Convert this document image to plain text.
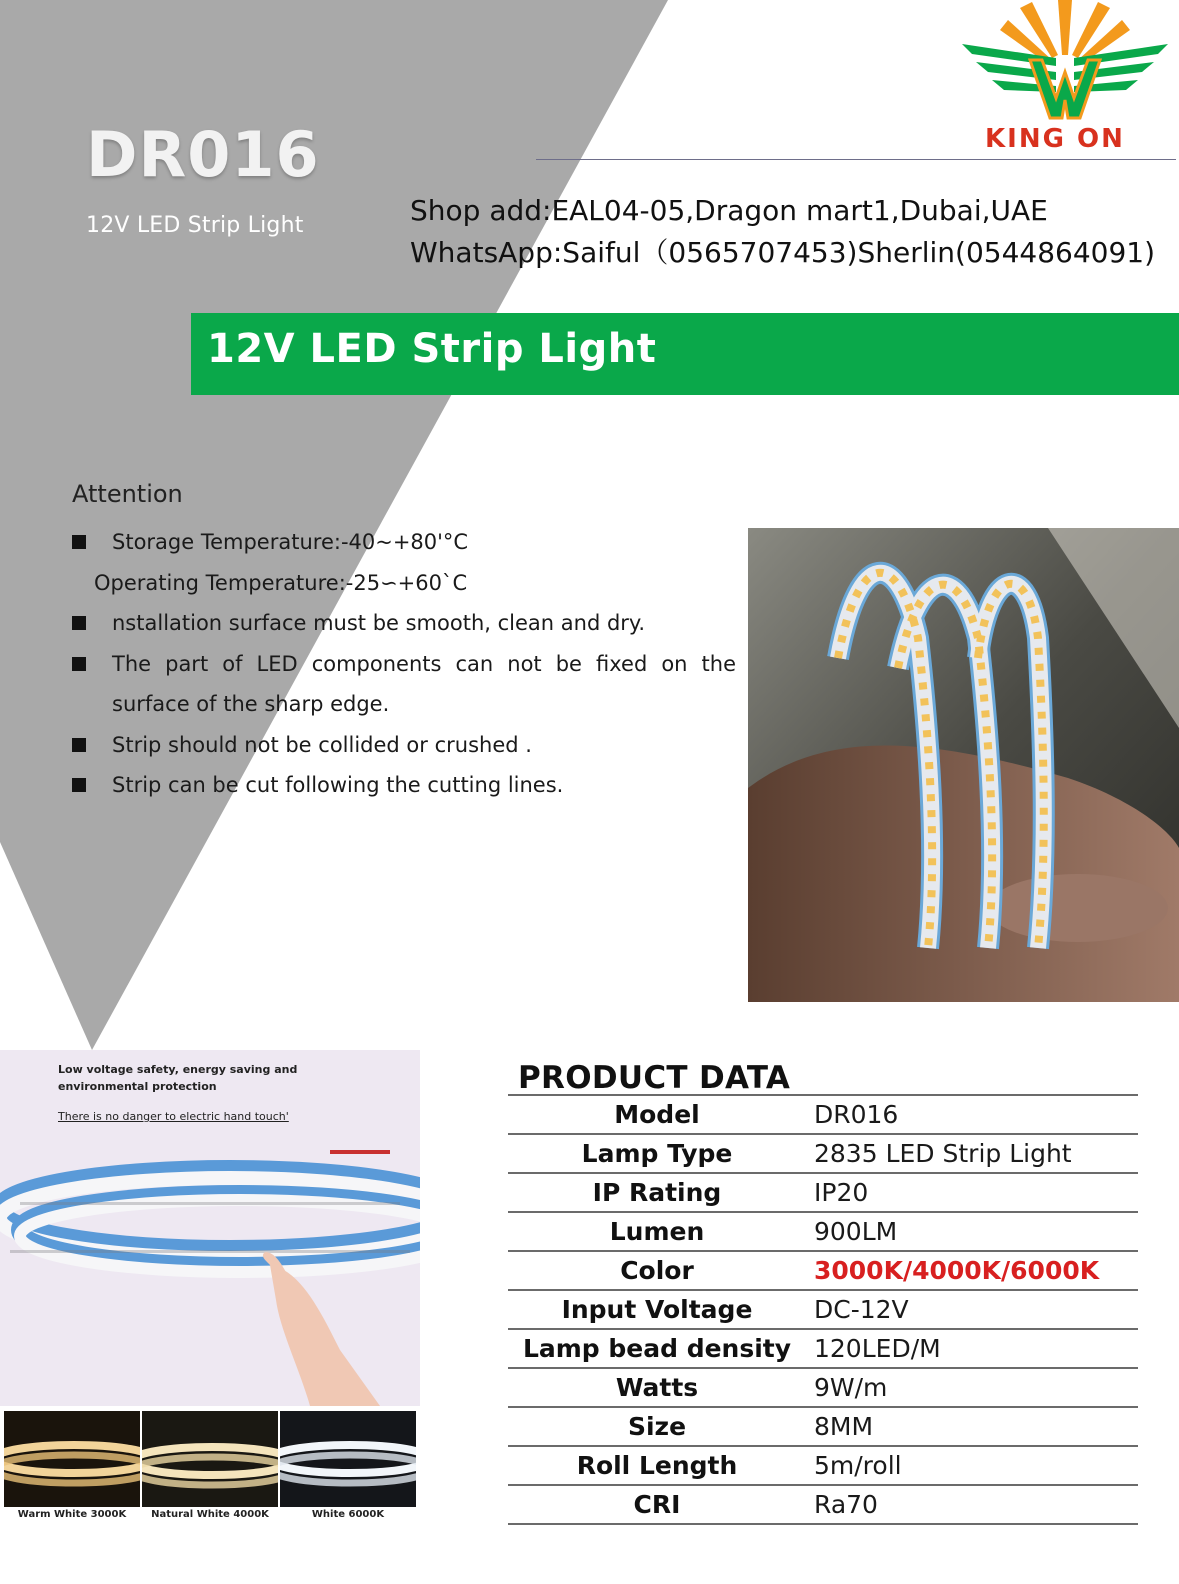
DR016
12V LED Strip Light
KING ON
Shop add:EAL04-05,Dragon mart1,Dubai,UAE
WhatsApp:Saiful（0565707453)Sherlin(0544864091)
12V LED Strip Light
Attention
Storage Temperature:-40~+80'°C
Operating Temperature:-25∽+60`C
nstallation surface must be smooth, clean and dry.
The part of LED components can not be fixed on the
surface of the sharp edge.
Strip should not be collided or crushed .
Strip can be cut following the cutting lines.
Low voltage safety, energy saving and environmental protection
There is no danger to electric hand touch'
Warm White 3000K	Natural White 4000K	White 6000K
PRODUCT DATA
Model	DR016
Lamp Type	2835 LED Strip Light
IP Rating	IP20
Lumen	900LM
Color	3000K/4000K/6000K
Input Voltage	DC-12V
Lamp bead density	120LED/M
Watts	9W/m
Size	8MM
Roll Length	5m/roll
CRI	Ra70
